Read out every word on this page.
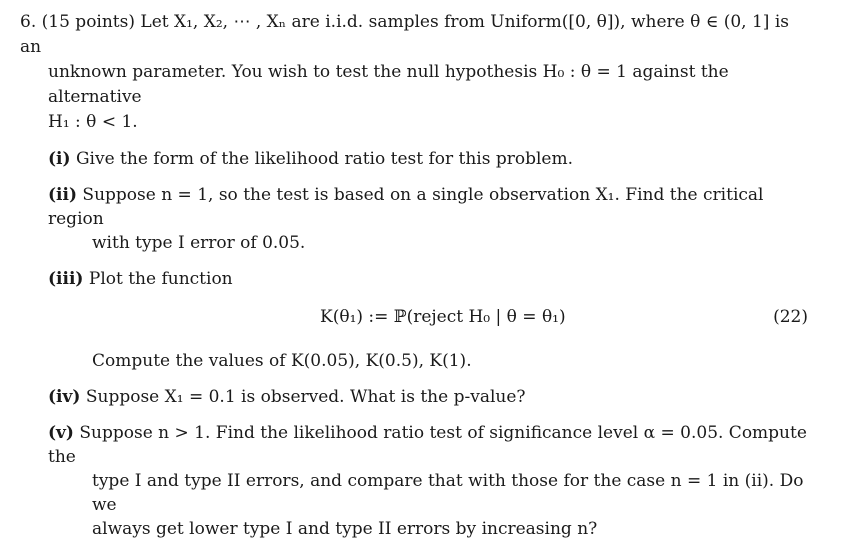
6. (15 points) Let X₁, X₂, ⋯ , Xₙ are i.i.d. samples from Uniform([0, θ]), where θ ∈ (0, 1] is an
unknown parameter. You wish to test the null hypothesis H₀ : θ = 1 against the alternative
H₁ : θ < 1.
(i) Give the form of the likelihood ratio test for this problem.
(ii) Suppose n = 1, so the test is based on a single observation X₁. Find the critical region
with type I error of 0.05.
(iii) Plot the function
K(θ₁) := ℙ(reject H₀ | θ = θ₁)	(22)
Compute the values of K(0.05), K(0.5), K(1).
(iv) Suppose X₁ = 0.1 is observed. What is the p-value?
(v) Suppose n > 1. Find the likelihood ratio test of significance level α = 0.05. Compute the
type I and type II errors, and compare that with those for the case n = 1 in (ii). Do we
always get lower type I and type II errors by increasing n?
